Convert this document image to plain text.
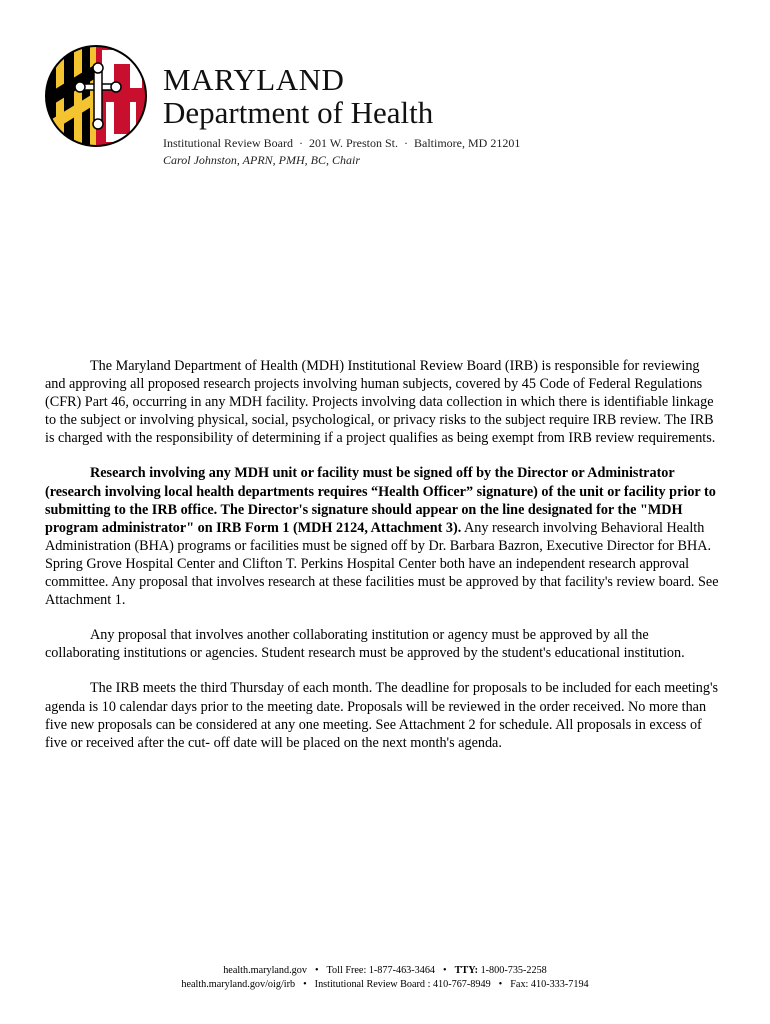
MARYLAND
Department of Health
Institutional Review Board · 201 W. Preston St. · Baltimore, MD 21201
Carol Johnston, APRN, PMH, BC, Chair

The Maryland Department of Health (MDH) Institutional Review Board (IRB) is responsible for reviewing and approving all proposed research projects involving human subjects, covered by 45 Code of Federal Regulations (CFR) Part 46, occurring in any MDH facility. Projects involving data collection in which there is identifiable linkage to the subject or involving physical, social, psychological, or privacy risks to the subject require IRB review. The IRB is charged with the responsibility of determining if a project qualifies as being exempt from IRB review requirements.

Research involving any MDH unit or facility must be signed off by the Director or Administrator (research involving local health departments requires “Health Officer” signature) of the unit or facility prior to submitting to the IRB office. The Director's signature should appear on the line designated for the "MDH program administrator" on IRB Form 1 (MDH 2124, Attachment 3). Any research involving Behavioral Health Administration (BHA) programs or facilities must be signed off by Dr. Barbara Bazron, Executive Director for BHA. Spring Grove Hospital Center and Clifton T. Perkins Hospital Center both have an independent research approval committee. Any proposal that involves research at these facilities must be approved by that facility's review board. See Attachment 1.

Any proposal that involves another collaborating institution or agency must be approved by all the collaborating institutions or agencies. Student research must be approved by the student's educational institution.

The IRB meets the third Thursday of each month. The deadline for proposals to be included for each meeting's agenda is 10 calendar days prior to the meeting date. Proposals will be reviewed in the order received. No more than five new proposals can be considered at any one meeting. See Attachment 2 for schedule. All proposals in excess of five or received after the cut- off date will be placed on the next month's agenda.

health.maryland.gov • Toll Free: 1-877-463-3464 • TTY: 1-800-735-2258
health.maryland.gov/oig/irb • Institutional Review Board : 410-767-8949 • Fax: 410-333-7194
